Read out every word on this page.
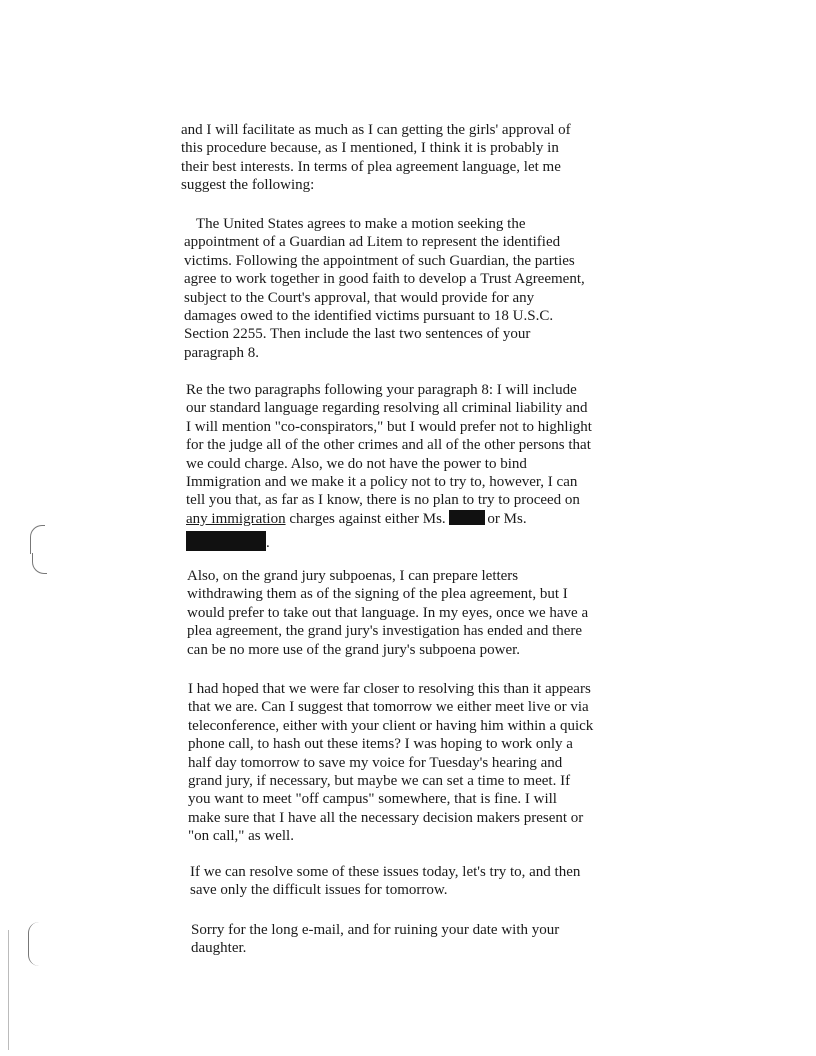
and I will facilitate as much as I can getting the girls' approval of
this procedure because, as I mentioned, I think it is probably in
their best interests. In terms of plea agreement language, let me
suggest the following:

The United States agrees to make a motion seeking the
appointment of a Guardian ad Litem to represent the identified
victims. Following the appointment of such Guardian, the parties
agree to work together in good faith to develop a Trust Agreement,
subject to the Court's approval, that would provide for any
damages owed to the identified victims pursuant to 18 U.S.C.
Section 2255. Then include the last two sentences of your
paragraph 8.

Re the two paragraphs following your paragraph 8: I will include
our standard language regarding resolving all criminal liability and
I will mention "co-conspirators," but I would prefer not to highlight
for the judge all of the other crimes and all of the other persons that
we could charge. Also, we do not have the power to bind
Immigration and we make it a policy not to try to, however, I can
tell you that, as far as I know, there is no plan to try to proceed on
any immigration charges against either Ms.	or Ms.
.

Also, on the grand jury subpoenas, I can prepare letters
withdrawing them as of the signing of the plea agreement, but I
would prefer to take out that language. In my eyes, once we have a
plea agreement, the grand jury's investigation has ended and there
can be no more use of the grand jury's subpoena power.

I had hoped that we were far closer to resolving this than it appears
that we are. Can I suggest that tomorrow we either meet live or via
teleconference, either with your client or having him within a quick
phone call, to hash out these items? I was hoping to work only a
half day tomorrow to save my voice for Tuesday's hearing and
grand jury, if necessary, but maybe we can set a time to meet. If
you want to meet "off campus" somewhere, that is fine. I will
make sure that I have all the necessary decision makers present or
"on call," as well.

If we can resolve some of these issues today, let's try to, and then
save only the difficult issues for tomorrow.

Sorry for the long e-mail, and for ruining your date with your
daughter.
